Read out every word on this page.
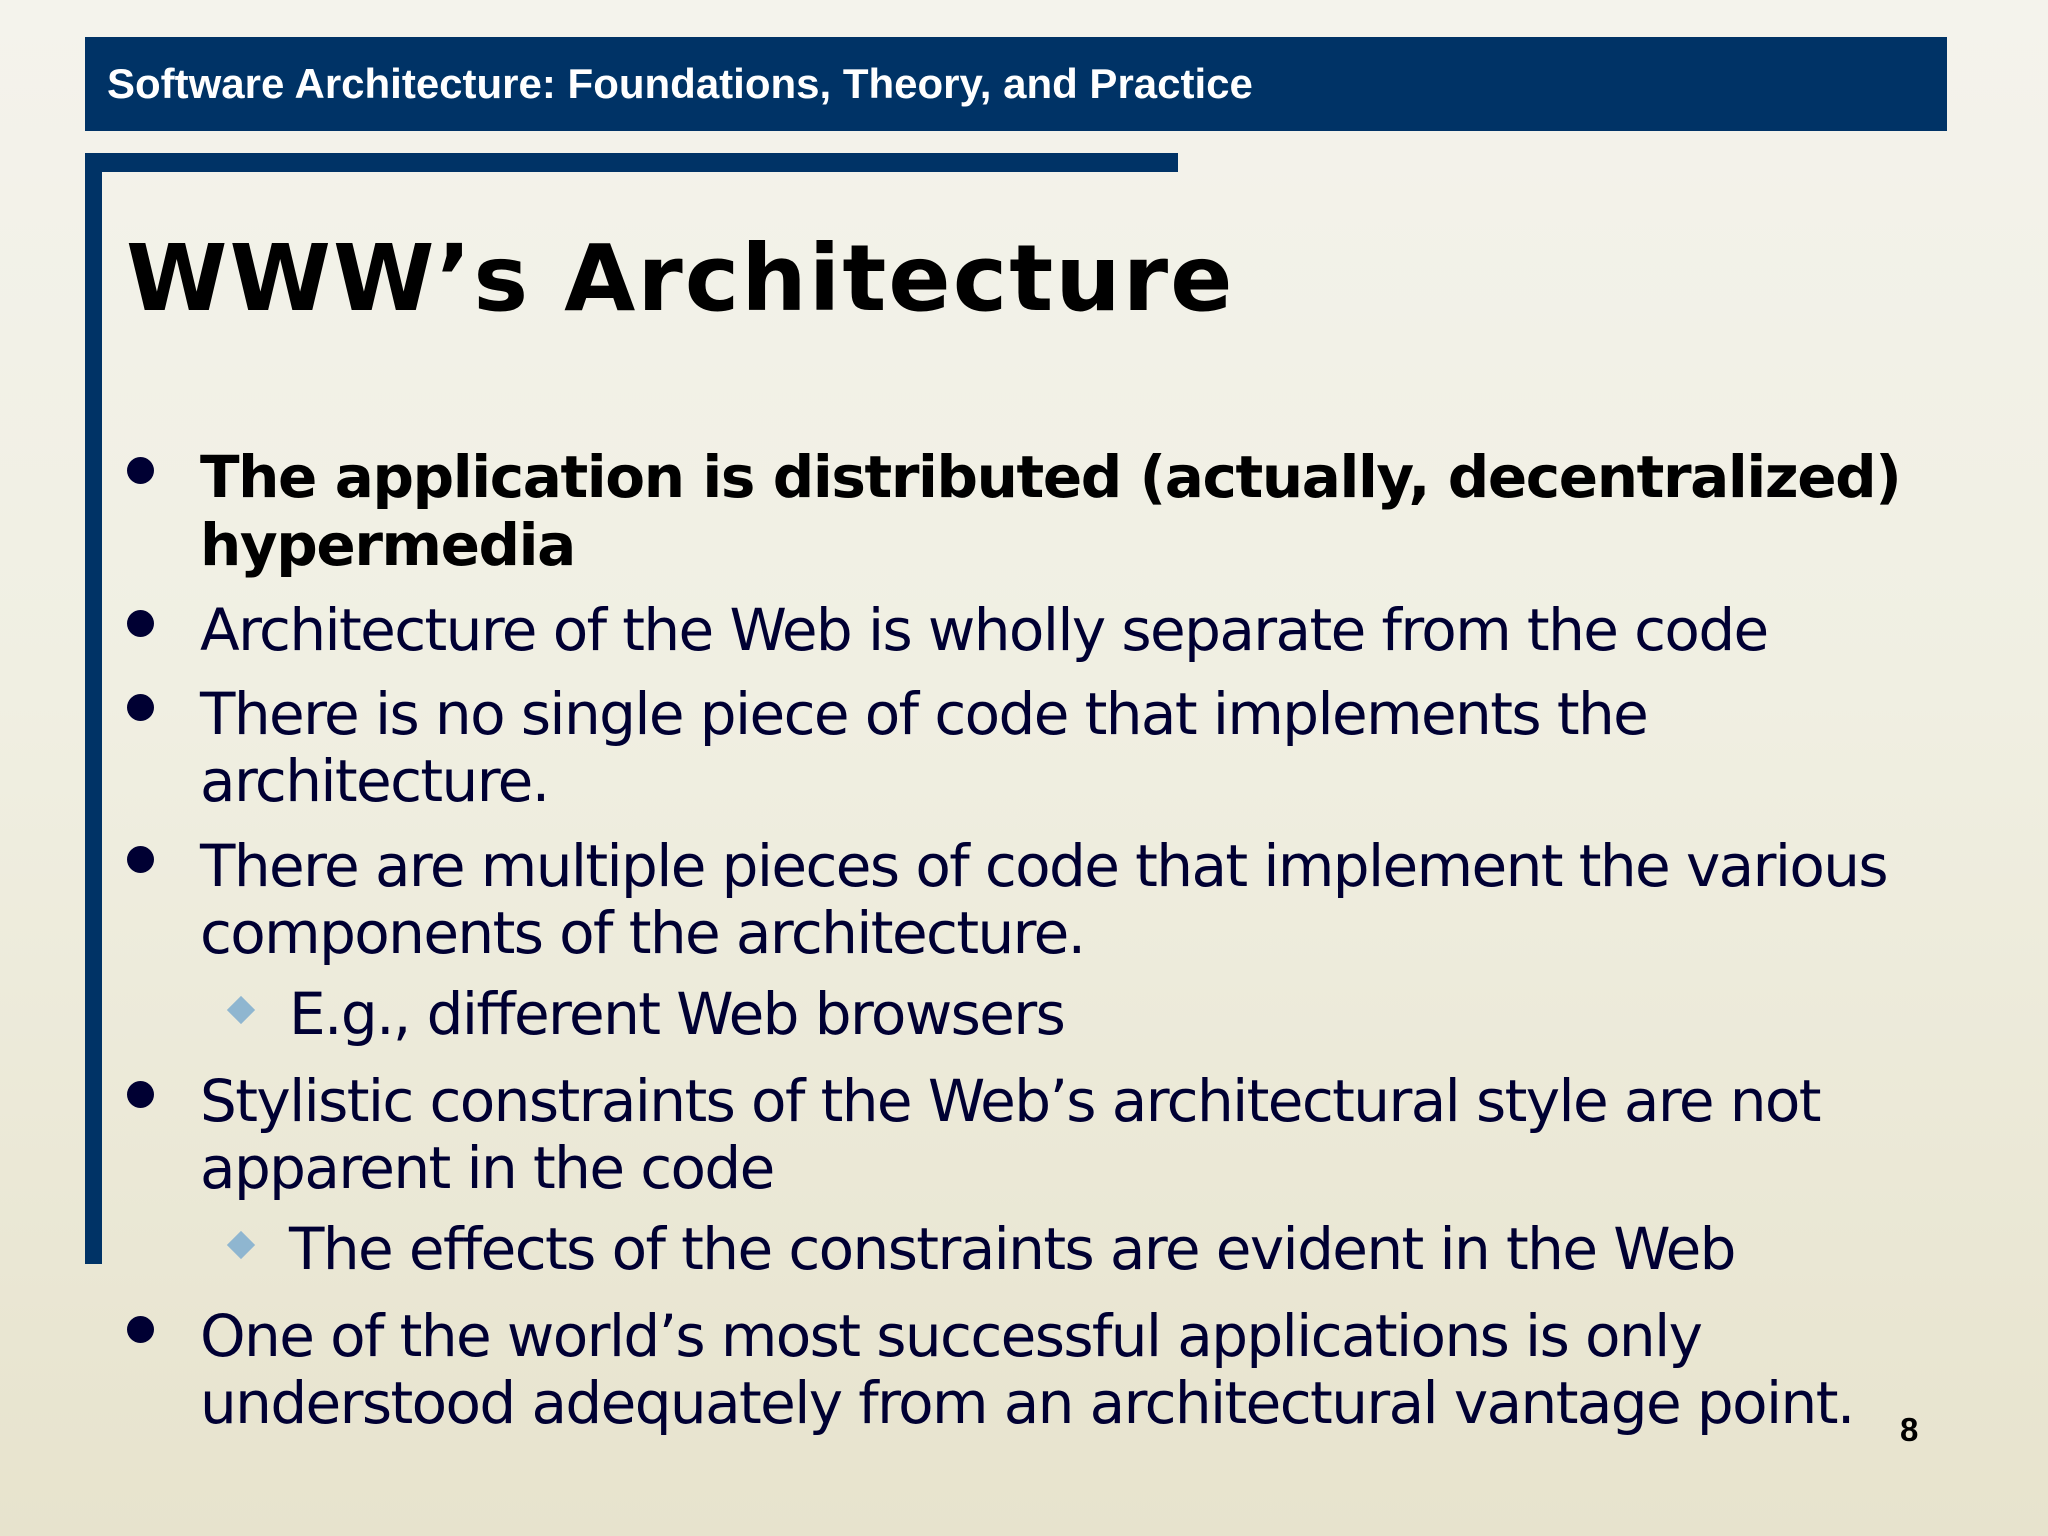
Software Architecture: Foundations, Theory, and Practice
WWW’s Architecture
The application is distributed (actually, decentralized)
hypermedia
Architecture of the Web is wholly separate from the code
There is no single piece of code that implements the
architecture.
There are multiple pieces of code that implement the various
components of the architecture.
E.g., different Web browsers
Stylistic constraints of the Web’s architectural style are not
apparent in the code
The effects of the constraints are evident in the Web
One of the world’s most successful applications is only
understood adequately from an architectural vantage point. 8
